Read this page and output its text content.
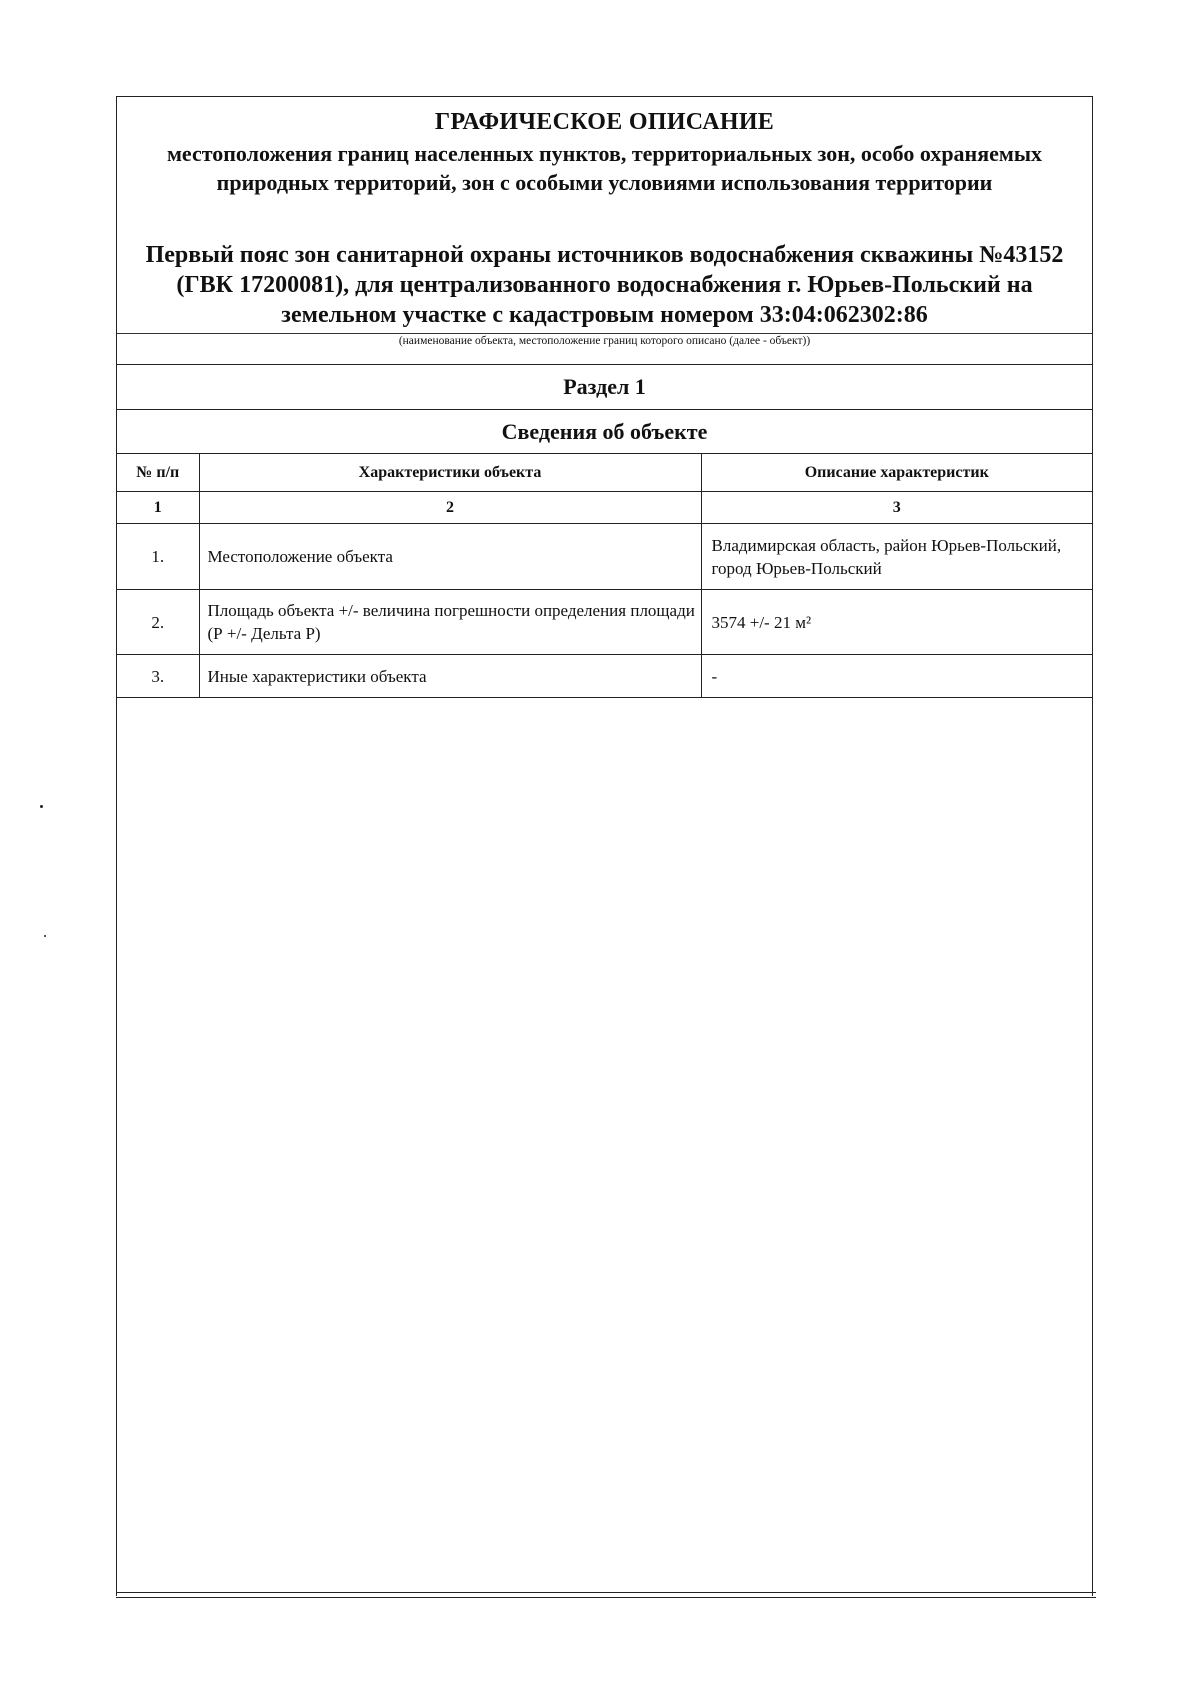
ГРАФИЧЕСКОЕ ОПИСАНИЕ
местоположения границ населенных пунктов, территориальных зон, особо охраняемых природных территорий, зон с особыми условиями использования территории
Первый пояс зон санитарной охраны источников водоснабжения скважины №43152 (ГВК 17200081), для централизованного водоснабжения г. Юрьев-Польский на земельном участке с кадастровым номером 33:04:062302:86
(наименование объекта, местоположение границ которого описано (далее - объект))
Раздел 1
Сведения об объекте
№ п/п	Характеристики объекта	Описание характеристик
1	2	3
1.	Местоположение объекта	Владимирская область, район Юрьев-Польский, город Юрьев-Польский
2.	Площадь объекта +/- величина погрешности определения площади (Р +/- Дельта Р)	3574 +/- 21 м²
3.	Иные характеристики объекта	-
